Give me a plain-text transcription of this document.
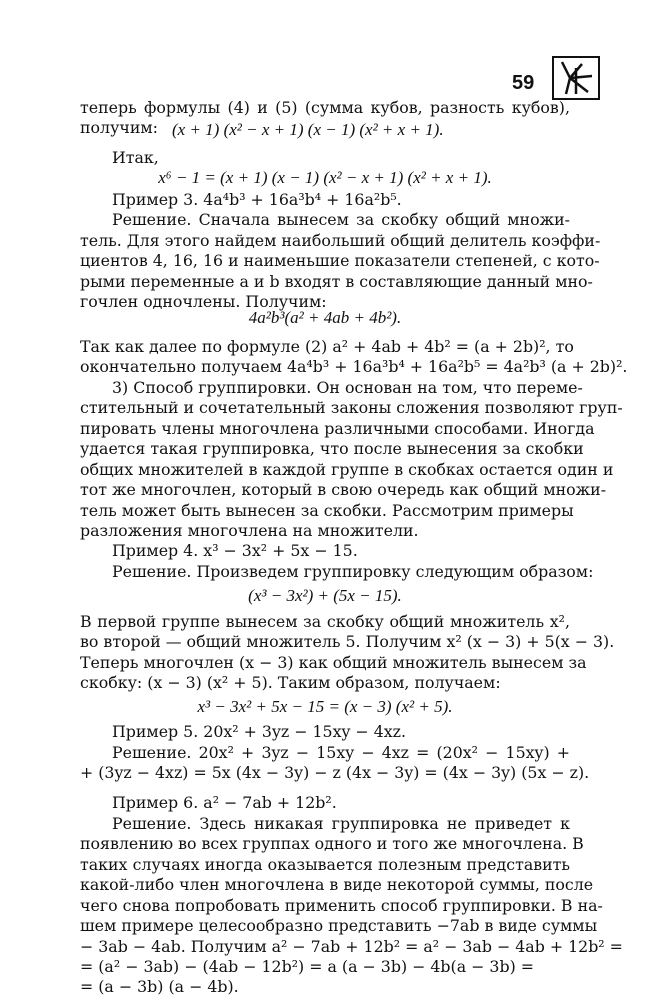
59
теперь формулы (4) и (5) (сумма кубов, разность кубов),
получим: (x + 1) (x² − x + 1) (x − 1) (x² + x + 1).
Итак,
x⁶ − 1 = (x + 1) (x − 1) (x² − x + 1) (x² + x + 1).
Пример 3. 4a⁴b³ + 16a³b⁴ + 16a²b⁵.
Решение. Сначала вынесем за скобку общий множи-
тель. Для этого найдем наибольший общий делитель коэффи-
циентов 4, 16, 16 и наименьшие показатели степеней, с кото-
рыми переменные a и b входят в составляющие данный мно-
гочлен одночлены. Получим:
4a²b³(a² + 4ab + 4b²).
Так как далее по формуле (2) a² + 4ab + 4b² = (a + 2b)², то
окончательно получаем 4a⁴b³ + 16a³b⁴ + 16a²b⁵ = 4a²b³ (a + 2b)².
3) Способ группировки. Он основан на том, что переме-
стительный и сочетательный законы сложения позволяют груп-
пировать члены многочлена различными способами. Иногда
удается такая группировка, что после вынесения за скобки
общих множителей в каждой группе в скобках остается один и
тот же многочлен, который в свою очередь как общий множи-
тель может быть вынесен за скобки. Рассмотрим примеры
разложения многочлена на множители.
Пример 4. x³ − 3x² + 5x − 15.
Решение. Произведем группировку следующим образом:
(x³ − 3x²) + (5x − 15).
В первой группе вынесем за скобку общий множитель x²,
во второй — общий множитель 5. Получим x² (x − 3) + 5(x − 3).
Теперь многочлен (x − 3) как общий множитель вынесем за
скобку: (x − 3) (x² + 5). Таким образом, получаем:
x³ − 3x² + 5x − 15 = (x − 3) (x² + 5).
Пример 5. 20x² + 3yz − 15xy − 4xz.
Решение. 20x² + 3yz − 15xy − 4xz = (20x² − 15xy) +
+ (3yz − 4xz) = 5x (4x − 3y) − z (4x − 3y) = (4x − 3y) (5x − z).
Пример 6. a² − 7ab + 12b².
Решение. Здесь никакая группировка не приведет к
появлению во всех группах одного и того же многочлена. В
таких случаях иногда оказывается полезным представить
какой-либо член многочлена в виде некоторой суммы, после
чего снова попробовать применить способ группировки. В на-
шем примере целесообразно представить −7ab в виде суммы
− 3ab − 4ab. Получим a² − 7ab + 12b² = a² − 3ab − 4ab + 12b² =
= (a² − 3ab) − (4ab − 12b²) = a (a − 3b) − 4b(a − 3b) =
= (a − 3b) (a − 4b).
